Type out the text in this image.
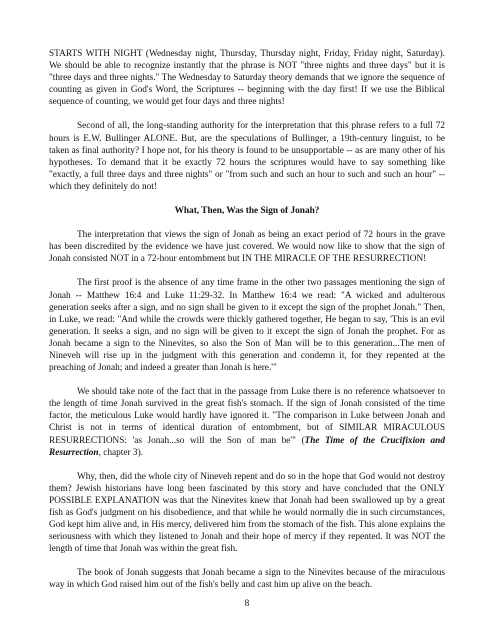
STARTS WITH NIGHT (Wednesday night, Thursday, Thursday night, Friday, Friday night, Saturday). We should be able to recognize instantly that the phrase is NOT "three nights and three days" but it is "three days and three nights." The Wednesday to Saturday theory demands that we ignore the sequence of counting as given in God's Word, the Scriptures -- beginning with the day first! If we use the Biblical sequence of counting, we would get four days and three nights!

Second of all, the long-standing authority for the interpretation that this phrase refers to a full 72 hours is E.W. Bullinger ALONE. But, are the speculations of Bullinger, a 19th-century linguist, to be taken as final authority? I hope not, for his theory is found to be unsupportable -- as are many other of his hypotheses. To demand that it be exactly 72 hours the scriptures would have to say something like "exactly, a full three days and three nights" or "from such and such an hour to such and such an hour" -- which they definitely do not!

What, Then, Was the Sign of Jonah?

The interpretation that views the sign of Jonah as being an exact period of 72 hours in the grave has been discredited by the evidence we have just covered. We would now like to show that the sign of Jonah consisted NOT in a 72-hour entombment but IN THE MIRACLE OF THE RESURRECTION!

The first proof is the absence of any time frame in the other two passages mentioning the sign of Jonah -- Matthew 16:4 and Luke 11:29-32. In Matthew 16:4 we read: "A wicked and adulterous generation seeks after a sign, and no sign shall be given to it except the sign of the prophet Jonah." Then, in Luke, we read: "And while the crowds were thickly gathered together, He began to say, 'This is an evil generation. It seeks a sign, and no sign will be given to it except the sign of Jonah the prophet. For as Jonah became a sign to the Ninevites, so also the Son of Man will be to this generation...The men of Nineveh will rise up in the judgment with this generation and condemn it, for they repented at the preaching of Jonah; and indeed a greater than Jonah is here.'"

We should take note of the fact that in the passage from Luke there is no reference whatsoever to the length of time Jonah survived in the great fish's stomach. If the sign of Jonah consisted of the time factor, the meticulous Luke would hardly have ignored it. "The comparison in Luke between Jonah and Christ is not in terms of identical duration of entombment, but of SIMILAR MIRACULOUS RESURRECTIONS: 'as Jonah...so will the Son of man be'" (The Time of the Crucifixion and Resurrection, chapter 3).

Why, then, did the whole city of Nineveh repent and do so in the hope that God would not destroy them? Jewish historians have long been fascinated by this story and have concluded that the ONLY POSSIBLE EXPLANATION was that the Ninevites knew that Jonah had been swallowed up by a great fish as God's judgment on his disobedience, and that while he would normally die in such circumstances, God kept him alive and, in His mercy, delivered him from the stomach of the fish. This alone explains the seriousness with which they listened to Jonah and their hope of mercy if they repented. It was NOT the length of time that Jonah was within the great fish.

The book of Jonah suggests that Jonah became a sign to the Ninevites because of the miraculous way in which God raised him out of the fish's belly and cast him up alive on the beach.

8
